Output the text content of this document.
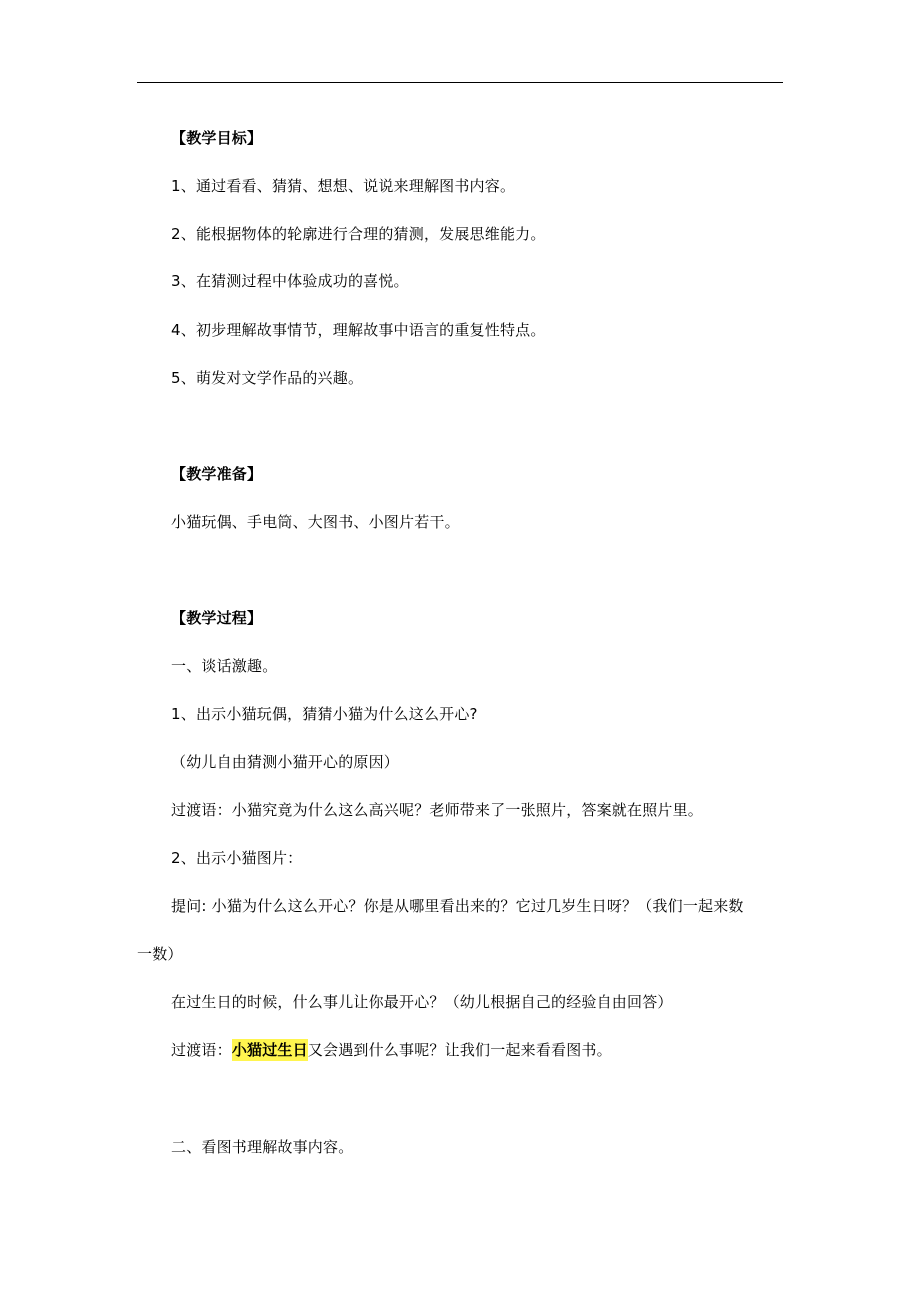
【教学目标】
1、通过看看、猜猜、想想、说说来理解图书内容。
2、能根据物体的轮廓进行合理的猜测，发展思维能力。
3、在猜测过程中体验成功的喜悦。
4、初步理解故事情节，理解故事中语言的重复性特点。
5、萌发对文学作品的兴趣。
【教学准备】
小猫玩偶、手电筒、大图书、小图片若干。
【教学过程】
一、谈话激趣。
1、出示小猫玩偶，猜猜小猫为什么这么开心?
（幼儿自由猜测小猫开心的原因）
过渡语：小猫究竟为什么这么高兴呢？老师带来了一张照片，答案就在照片里。
2、出示小猫图片：
提问: 小猫为什么这么开心？你是从哪里看出来的？它过几岁生日呀？（我们一起来数
一数）
在过生日的时候，什么事儿让你最开心？（幼儿根据自己的经验自由回答）
过渡语：小猫过生日又会遇到什么事呢？让我们一起来看看图书。
二、看图书理解故事内容。
